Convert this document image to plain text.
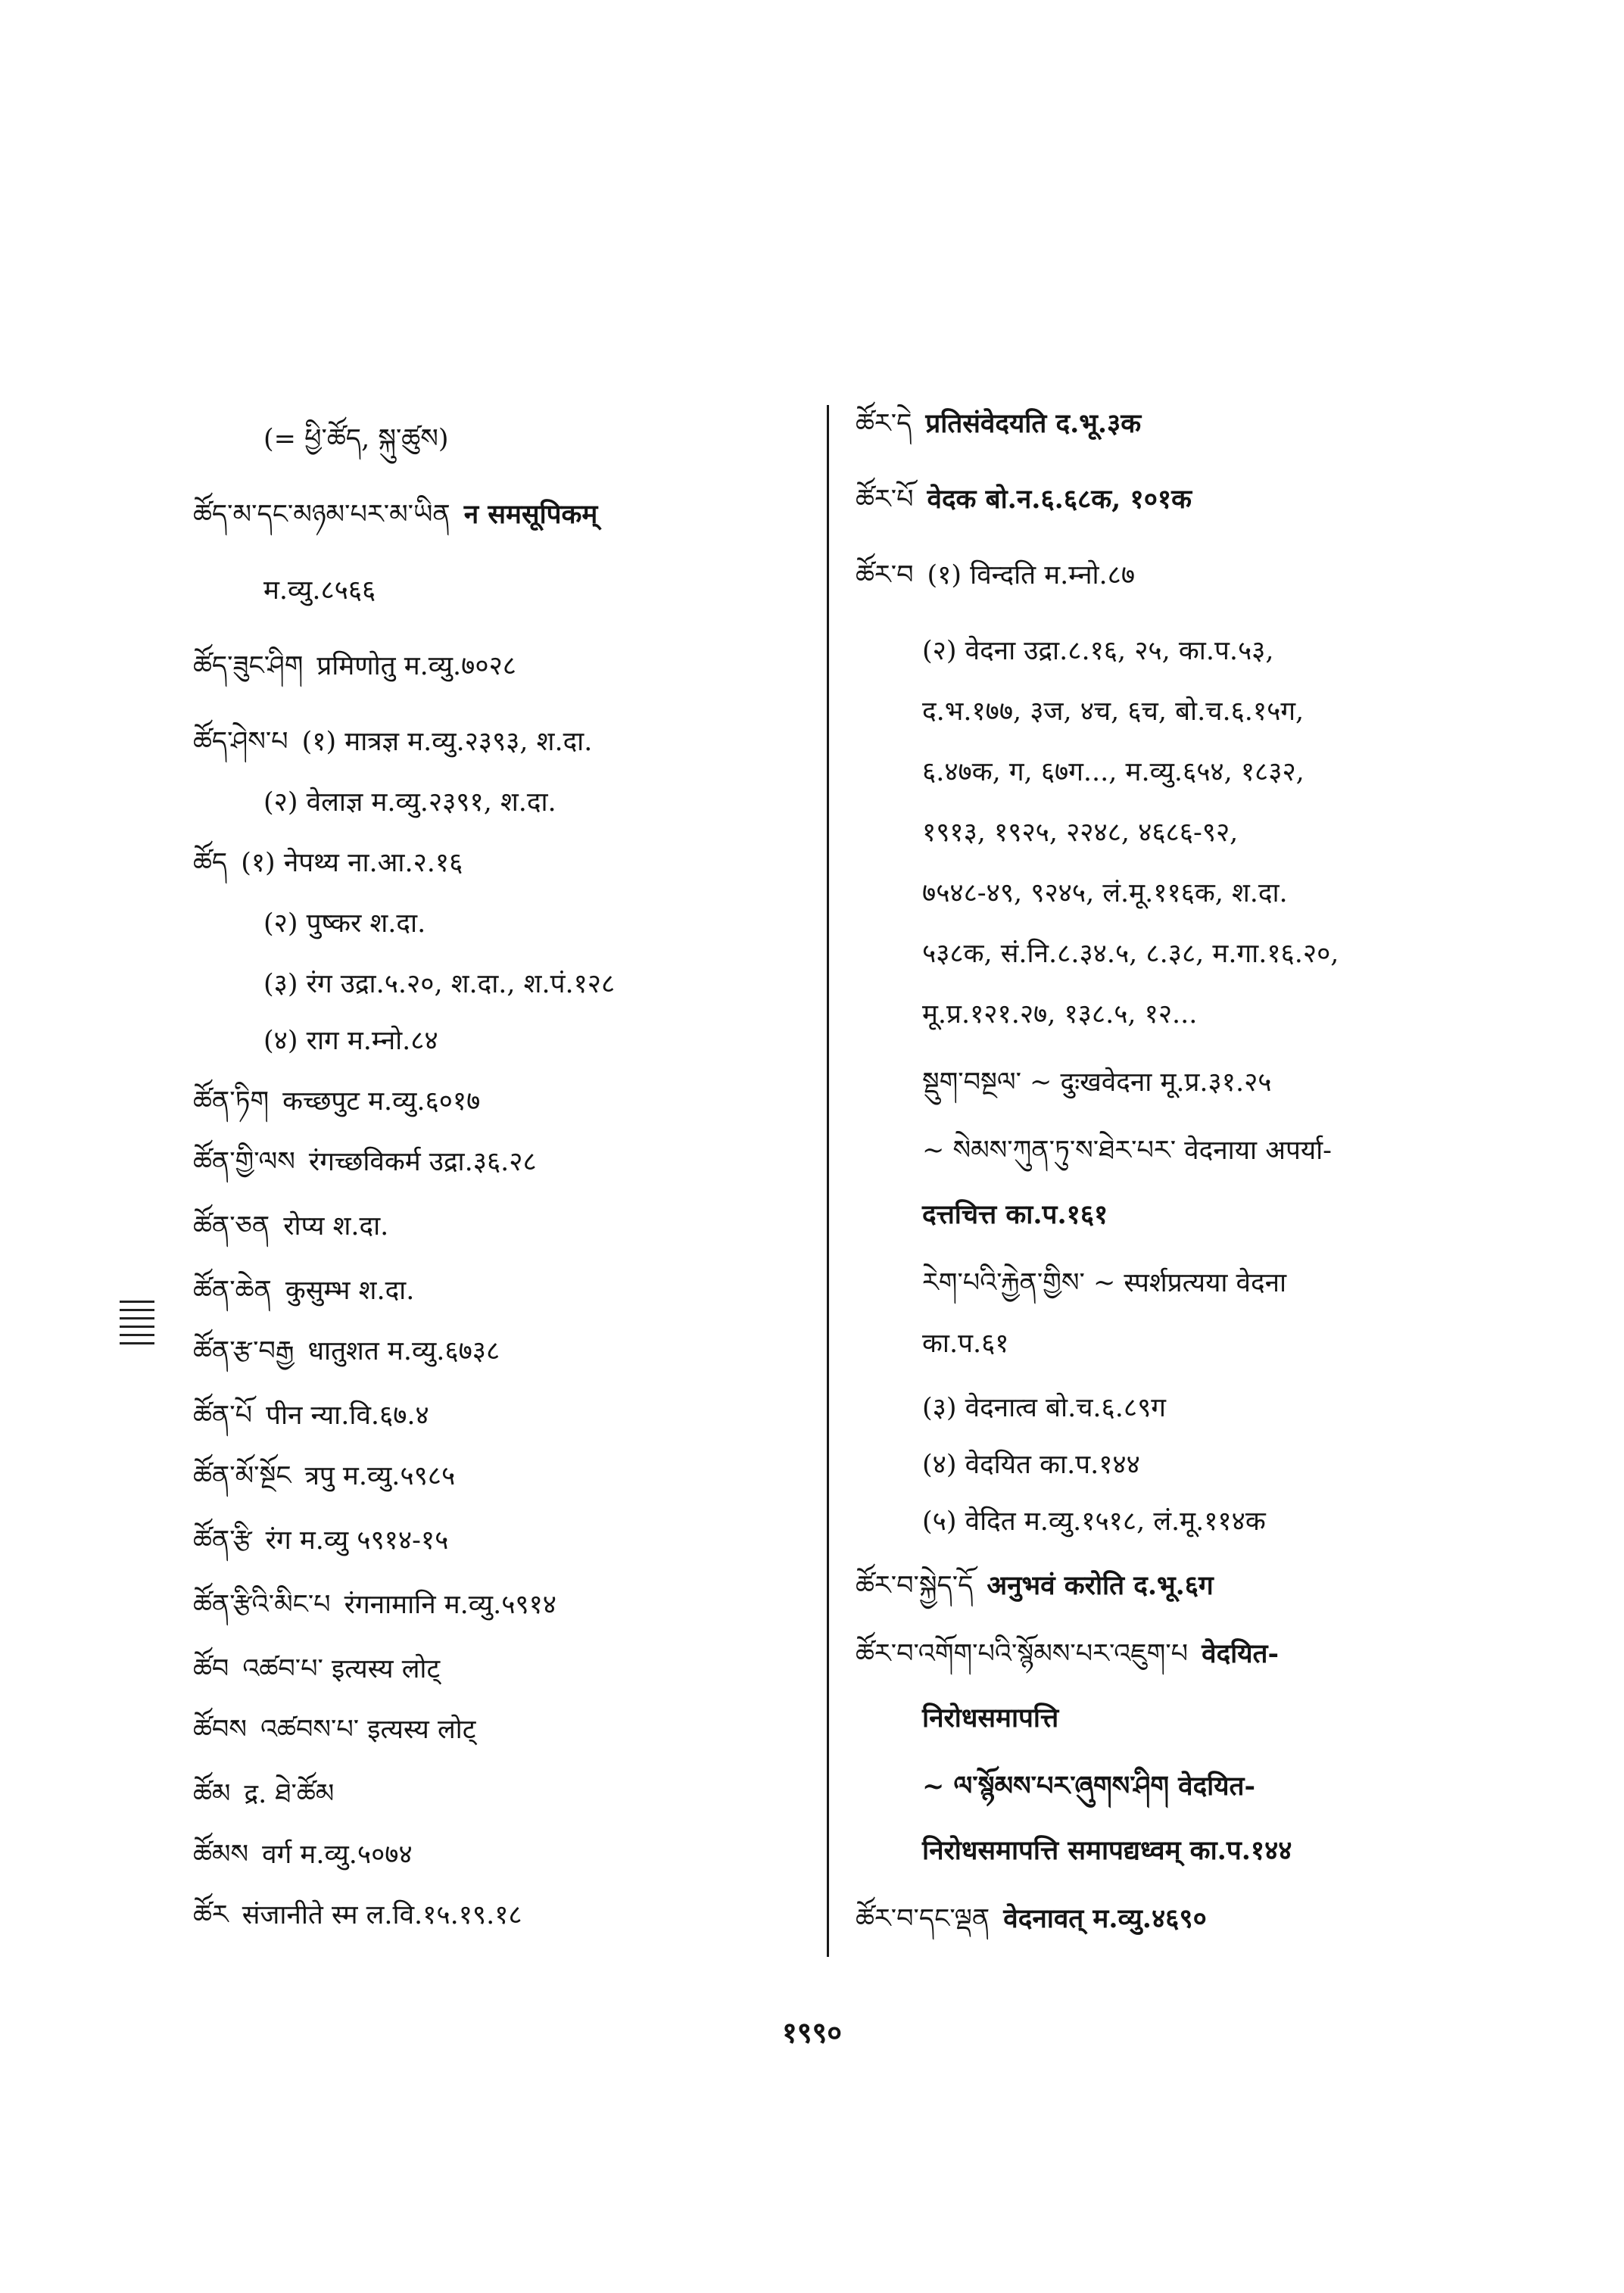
(= ཕྱི་ཚོད, སྐུ་ཚུས)
ཚོད་མ་དང་མཉམ་པར་མ་ཡིན न समसूपिकम्
म.व्यु.८५६६
ཚོད་ཟུང་ཤིག प्रमिणोतु म.व्यु.७०२८
ཚོད་ཤེས་པ (१) मात्रज्ञ म.व्यु.२३९३, श.दा.
(२) वेलाज्ञ म.व्यु.२३९१, श.दा.
ཚོད (१) नेपथ्य ना.आ.२.१६
(२) पुष्कर श.दा.
(३) रंग उद्रा.५.२०, श.दा., श.पं.१२८
(४) राग म.म्नो.८४
ཚོན་ཏིག कच्छपुट म.व्यु.६०१७
ཚོན་གྱི་ལས रंगच्छविकर्म उद्रा.३६.२८
ཚོན་ཅན रोप्य श.दा.
ཚོན་ཆེན कुसुम्भ श.दा.
ཚོན་རྩ་བརྒྱ धातुशत म.व्यु.६७३८
ཚོན་པོ पीन न्या.वि.६७.४
ཚོན་མོ་སྔོང त्रपु म.व्यु.५९८५
ཚོན་རྩི रंग म.व्यु ५९१४-१५
ཚོན་རྩིའི་མིང་པ रंगनामानि म.व्यु.५९१४
ཚོབ འཚབ་པ་ इत्यस्य लोट्
ཚོབས འཚབས་པ་ इत्यस्य लोट्
ཚོམ द्र. ཐེ་ཚོམ
ཚོམས वर्ग म.व्यु.५०७४
ཚོར संजानीते स्म ल.वि.१५.१९.१८
ཚོར་དེ प्रतिसंवेदयति द.भू.३क
ཚོར་པོ वेदक बो.न.६.६८क, १०१क
ཚོར་བ (१) विन्दति म.म्नो.८७
(२) वेदना उद्रा.८.१६, २५, का.प.५३,
द.भ.१७७, ३ज, ४च, ६च, बो.च.६.१५ग,
६.४७क, ग, ६७ग..., म.व्यु.६५४, १८३२,
१९१३, १९२५, २२४८, ४६८६-९२,
७५४८-४९, ९२४५, लं.मू.११६क, श.दा.
५३८क, सं.नि.८.३४.५, ८.३८, म.गा.१६.२०,
मू.प्र.१२१.२७, १३८.५, १२...
སྡུག་བསྔལ་ ~ दुःखवेदना मू.प्र.३१.२५
~ སེམས་ཀུན་ཏུ་ས་ཐེར་པར་ वेदनाया अपर्या-
दत्तचित्त का.प.१६१
རེག་པའི་རྐྱེན་གྱིས་ ~ स्पर्शप्रत्यया वेदना
का.प.६१
(३) वेदनात्व बो.च.६.८९ग
(४) वेदयित का.प.१४४
(५) वेदित म.व्यु.१५१८, लं.मू.११४क
ཚོར་བ་སྐྱེད་དོ अनुभवं करोति द.भू.६ग
ཚོར་བ་འགོག་པའི་སྙོམས་པར་འཇུག་པ वेदयित-
निरोधसमापत्ति
~ ལ་སྙོམས་པར་ཞུགས་ཤིག वेदयित-
निरोधसमापत्ति समापद्यध्वम् का.प.१४४
ཚོར་བ་དང་ལྡན वेदनावत् म.व्यु.४६९०
१९९०
